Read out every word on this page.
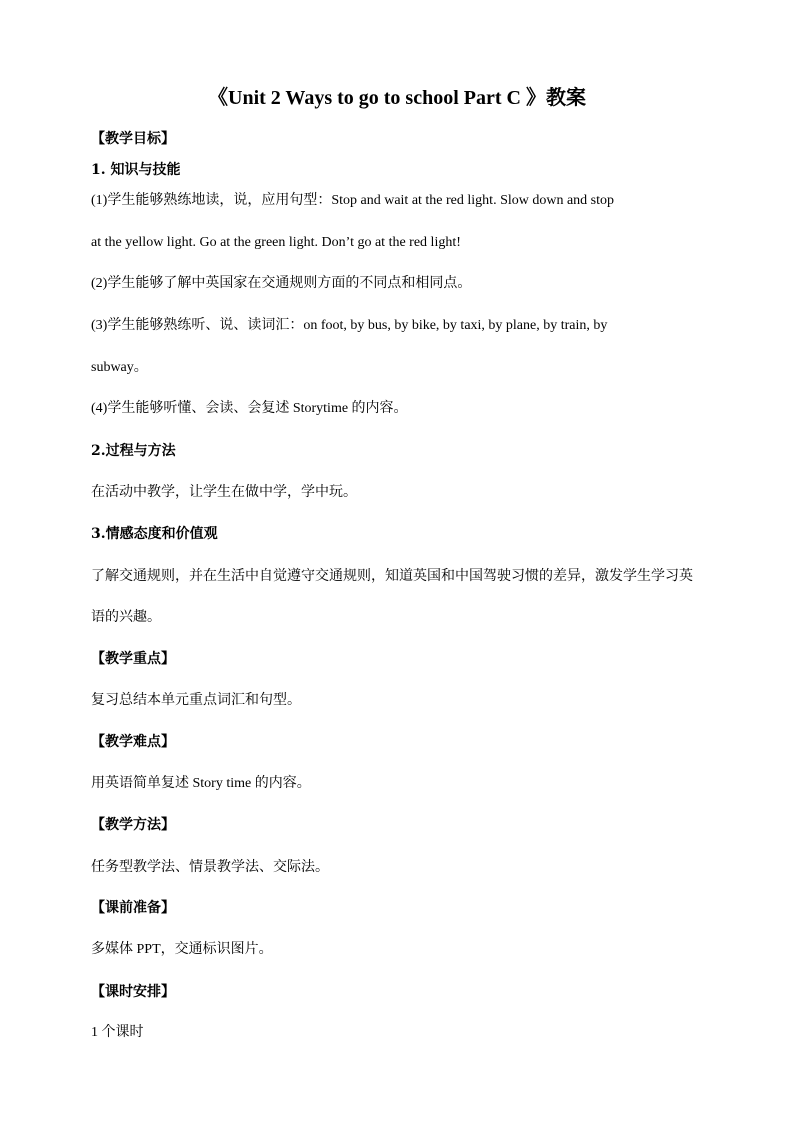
《Unit 2 Ways to go to school Part C 》教案
【教学目标】
1. 知识与技能
(1)学生能够熟练地读，说，应用句型：Stop and wait at the red light. Slow down and stop
at the yellow light. Go at the green light. Don’t go at the red light!
(2)学生能够了解中英国家在交通规则方面的不同点和相同点。
(3)学生能够熟练听、说、读词汇：on foot, by bus, by bike, by taxi, by plane, by train, by
subway。
(4)学生能够听懂、会读、会复述 Storytime 的内容。
2.过程与方法
在活动中教学，让学生在做中学，学中玩。
3.情感态度和价值观
了解交通规则，并在生活中自觉遵守交通规则，知道英国和中国驾驶习惯的差异，激发学生学习英
语的兴趣。
【教学重点】
复习总结本单元重点词汇和句型。
【教学难点】
用英语简单复述 Story time 的内容。
【教学方法】
任务型教学法、情景教学法、交际法。
【课前准备】
多媒体 PPT，交通标识图片。
【课时安排】
1 个课时
